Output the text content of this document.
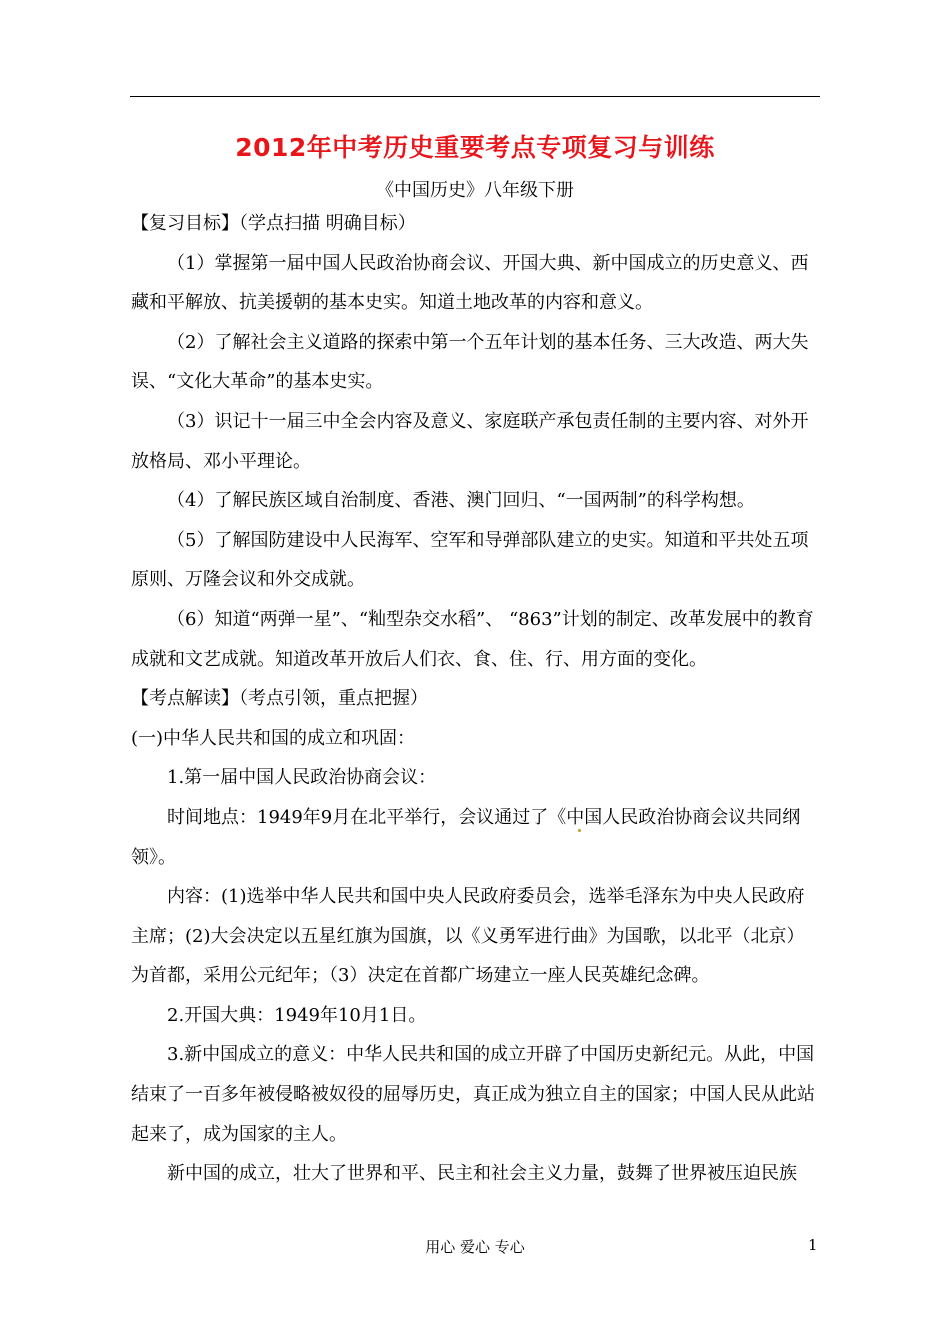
2012年中考历史重要考点专项复习与训练
《中国历史》八年级下册

【复习目标】（学点扫描 明确目标）

（1）掌握第一届中国人民政治协商会议、开国大典、新中国成立的历史意义、西藏和平解放、抗美援朝的基本史实。知道土地改革的内容和意义。

（2）了解社会主义道路的探索中第一个五年计划的基本任务、三大改造、两大失误、“文化大革命”的基本史实。

（3）识记十一届三中全会内容及意义、家庭联产承包责任制的主要内容、对外开放格局、邓小平理论。

（4）了解民族区域自治制度、香港、澳门回归、“一国两制”的科学构想。

（5）了解国防建设中人民海军、空军和导弹部队建立的史实。知道和平共处五项原则、万隆会议和外交成就。

（6）知道“两弹一星”、“籼型杂交水稻”、 “863”计划的制定、改革发展中的教育成就和文艺成就。知道改革开放后人们衣、食、住、行、用方面的变化。

【考点解读】（考点引领，重点把握）

(一)中华人民共和国的成立和巩固：

1.第一届中国人民政治协商会议：

时间地点：1949年9月在北平举行，会议通过了《中国人民政治协商会议共同纲领》。

内容：(1)选举中华人民共和国中央人民政府委员会，选举毛泽东为中央人民政府主席；(2)大会决定以五星红旗为国旗，以《义勇军进行曲》为国歌，以北平（北京）为首都，采用公元纪年；（3）决定在首都广场建立一座人民英雄纪念碑。

2.开国大典：1949年10月1日。

3.新中国成立的意义：中华人民共和国的成立开辟了中国历史新纪元。从此，中国结束了一百多年被侵略被奴役的屈辱历史，真正成为独立自主的国家；中国人民从此站起来了，成为国家的主人。

新中国的成立，壮大了世界和平、民主和社会主义力量，鼓舞了世界被压迫民族

用心 爱心 专心	1
